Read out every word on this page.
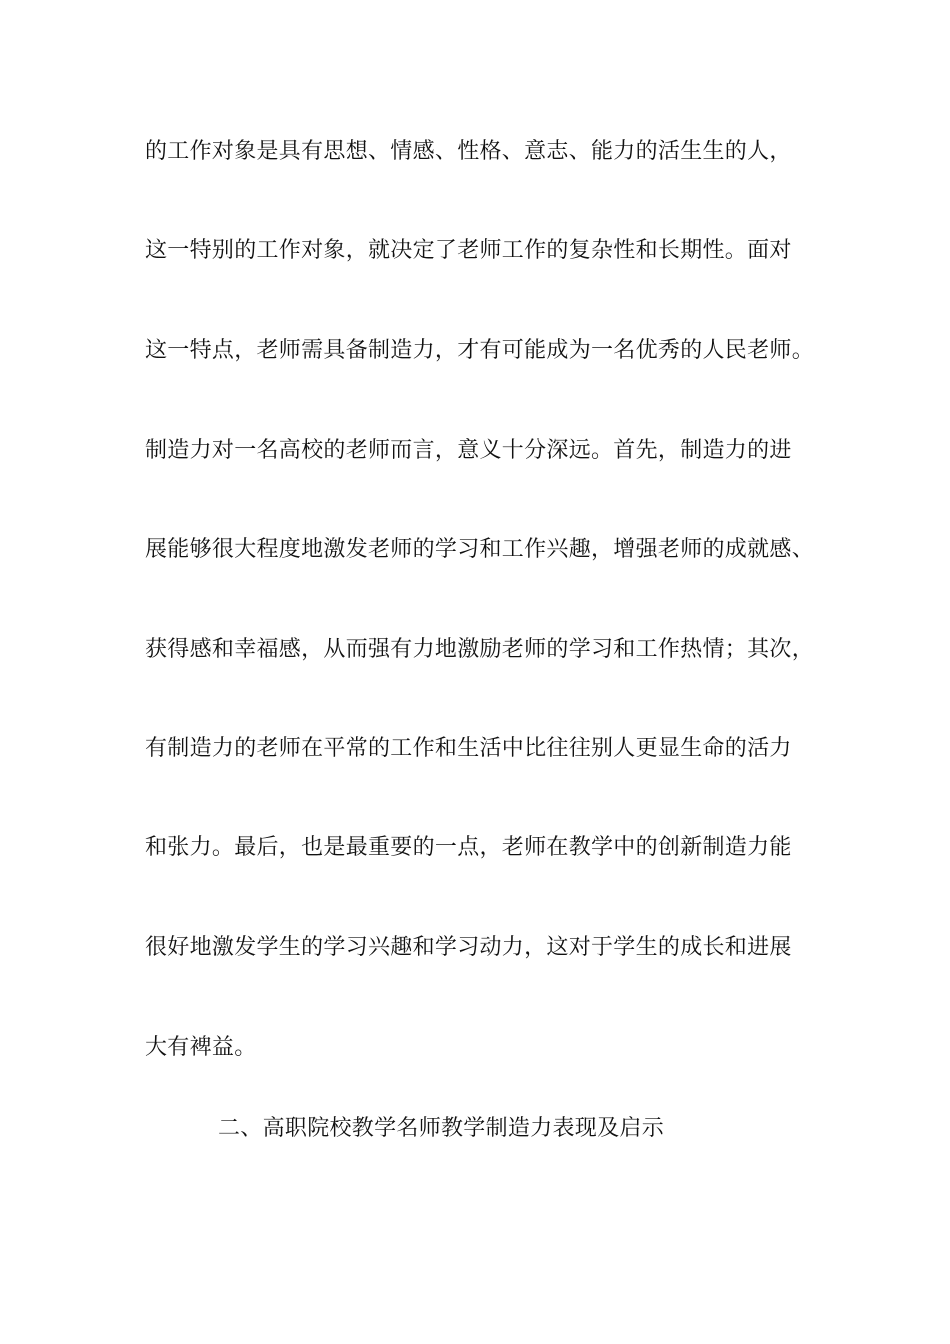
的工作对象是具有思想、情感、性格、意志、能力的活生生的人，
这一特别的工作对象，就决定了老师工作的复杂性和长期性。面对
这一特点，老师需具备制造力，才有可能成为一名优秀的人民老师。
制造力对一名高校的老师而言，意义十分深远。首先，制造力的进
展能够很大程度地激发老师的学习和工作兴趣，增强老师的成就感、
获得感和幸福感，从而强有力地激励老师的学习和工作热情；其次，
有制造力的老师在平常的工作和生活中比往往别人更显生命的活力
和张力。最后，也是最重要的一点，老师在教学中的创新制造力能
很好地激发学生的学习兴趣和学习动力，这对于学生的成长和进展
大有裨益。
二、高职院校教学名师教学制造力表现及启示
